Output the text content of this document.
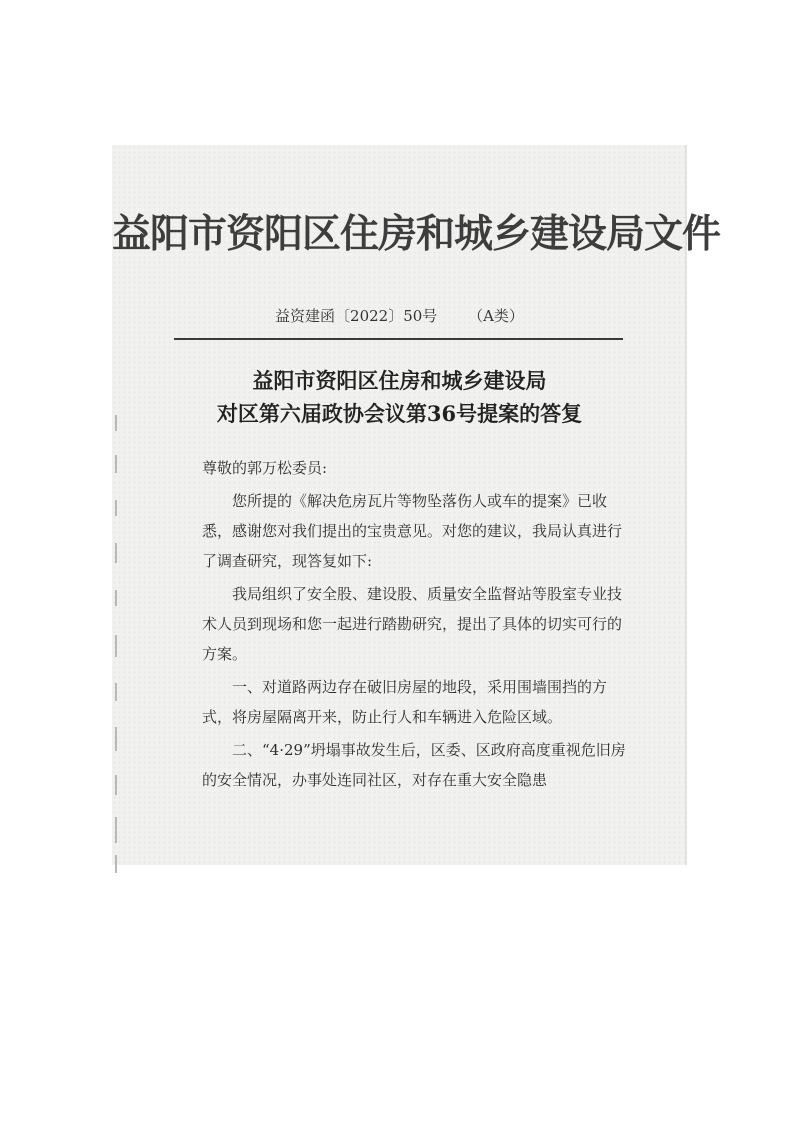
益阳市资阳区住房和城乡建设局文件
益资建函〔2022〕50号 （A类）
益阳市资阳区住房和城乡建设局
对区第六届政协会议第36号提案的答复

尊敬的郭万松委员:

您所提的《解决危房瓦片等物坠落伤人或车的提案》已收悉，感谢您对我们提出的宝贵意见。对您的建议，我局认真进行了调查研究，现答复如下:

我局组织了安全股、建设股、质量安全监督站等股室专业技术人员到现场和您一起进行踏勘研究，提出了具体的切实可行的方案。

一、对道路两边存在破旧房屋的地段，采用围墙围挡的方式，将房屋隔离开来，防止行人和车辆进入危险区域。

二、“4·29”坍塌事故发生后，区委、区政府高度重视危旧房的安全情况，办事处连同社区，对存在重大安全隐患
